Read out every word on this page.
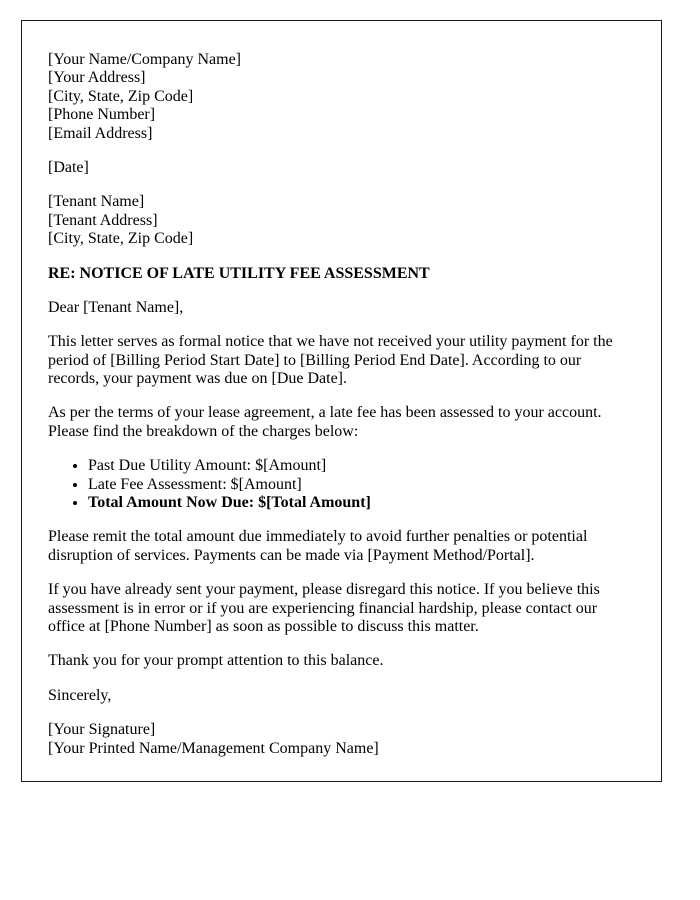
[Your Name/Company Name]
[Your Address]
[City, State, Zip Code]
[Phone Number]
[Email Address]

[Date]

[Tenant Name]
[Tenant Address]
[City, State, Zip Code]

RE: NOTICE OF LATE UTILITY FEE ASSESSMENT

Dear [Tenant Name],

This letter serves as formal notice that we have not received your utility payment for the period of [Billing Period Start Date] to [Billing Period End Date]. According to our records, your payment was due on [Due Date].

As per the terms of your lease agreement, a late fee has been assessed to your account. Please find the breakdown of the charges below:

• Past Due Utility Amount: $[Amount]
• Late Fee Assessment: $[Amount]
• Total Amount Now Due: $[Total Amount]

Please remit the total amount due immediately to avoid further penalties or potential disruption of services. Payments can be made via [Payment Method/Portal].

If you have already sent your payment, please disregard this notice. If you believe this assessment is in error or if you are experiencing financial hardship, please contact our office at [Phone Number] as soon as possible to discuss this matter.

Thank you for your prompt attention to this balance.

Sincerely,

[Your Signature]
[Your Printed Name/Management Company Name]
